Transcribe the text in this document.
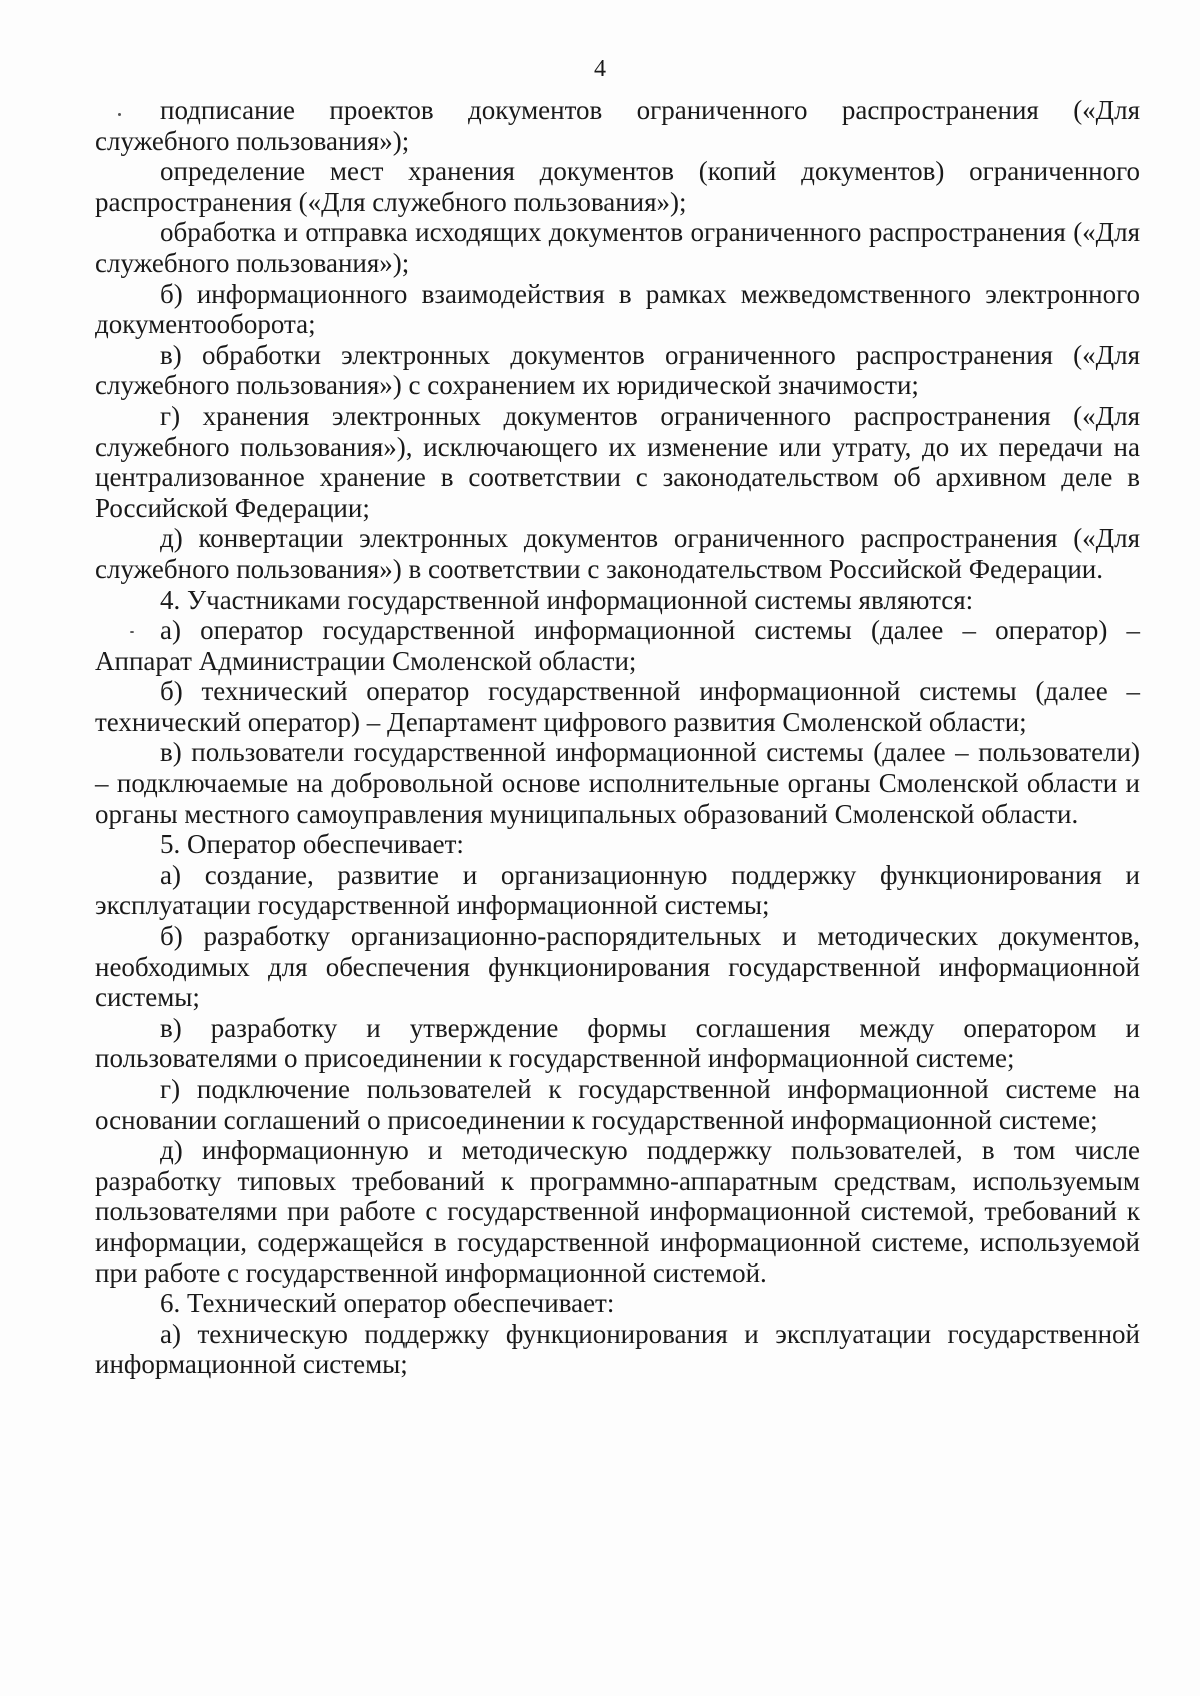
4

подписание проектов документов ограниченного распространения («Для служебного пользования»);

определение мест хранения документов (копий документов) ограниченного распространения («Для служебного пользования»);

обработка и отправка исходящих документов ограниченного распространения («Для служебного пользования»);

б) информационного взаимодействия в рамках межведомственного электронного документооборота;

в) обработки электронных документов ограниченного распространения («Для служебного пользования») с сохранением их юридической значимости;

г) хранения электронных документов ограниченного распространения («Для служебного пользования»), исключающего их изменение или утрату, до их передачи на централизованное хранение в соответствии с законодательством об архивном деле в Российской Федерации;

д) конвертации электронных документов ограниченного распространения («Для служебного пользования») в соответствии с законодательством Российской Федерации.

4. Участниками государственной информационной системы являются:

а) оператор государственной информационной системы (далее – оператор) – Аппарат Администрации Смоленской области;

б) технический оператор государственной информационной системы (далее – технический оператор) – Департамент цифрового развития Смоленской области;

в) пользователи государственной информационной системы (далее – пользователи) – подключаемые на добровольной основе исполнительные органы Смоленской области и органы местного самоуправления муниципальных образований Смоленской области.

5. Оператор обеспечивает:

а) создание, развитие и организационную поддержку функционирования и эксплуатации государственной информационной системы;

б) разработку организационно-распорядительных и методических документов, необходимых для обеспечения функционирования государственной информационной системы;

в) разработку и утверждение формы соглашения между оператором и пользователями о присоединении к государственной информационной системе;

г) подключение пользователей к государственной информационной системе на основании соглашений о присоединении к государственной информационной системе;

д) информационную и методическую поддержку пользователей, в том числе разработку типовых требований к программно-аппаратным средствам, используемым пользователями при работе с государственной информационной системой, требований к информации, содержащейся в государственной информационной системе, используемой при работе с государственной информационной системой.

6. Технический оператор обеспечивает:

а) техническую поддержку функционирования и эксплуатации государственной информационной системы;
